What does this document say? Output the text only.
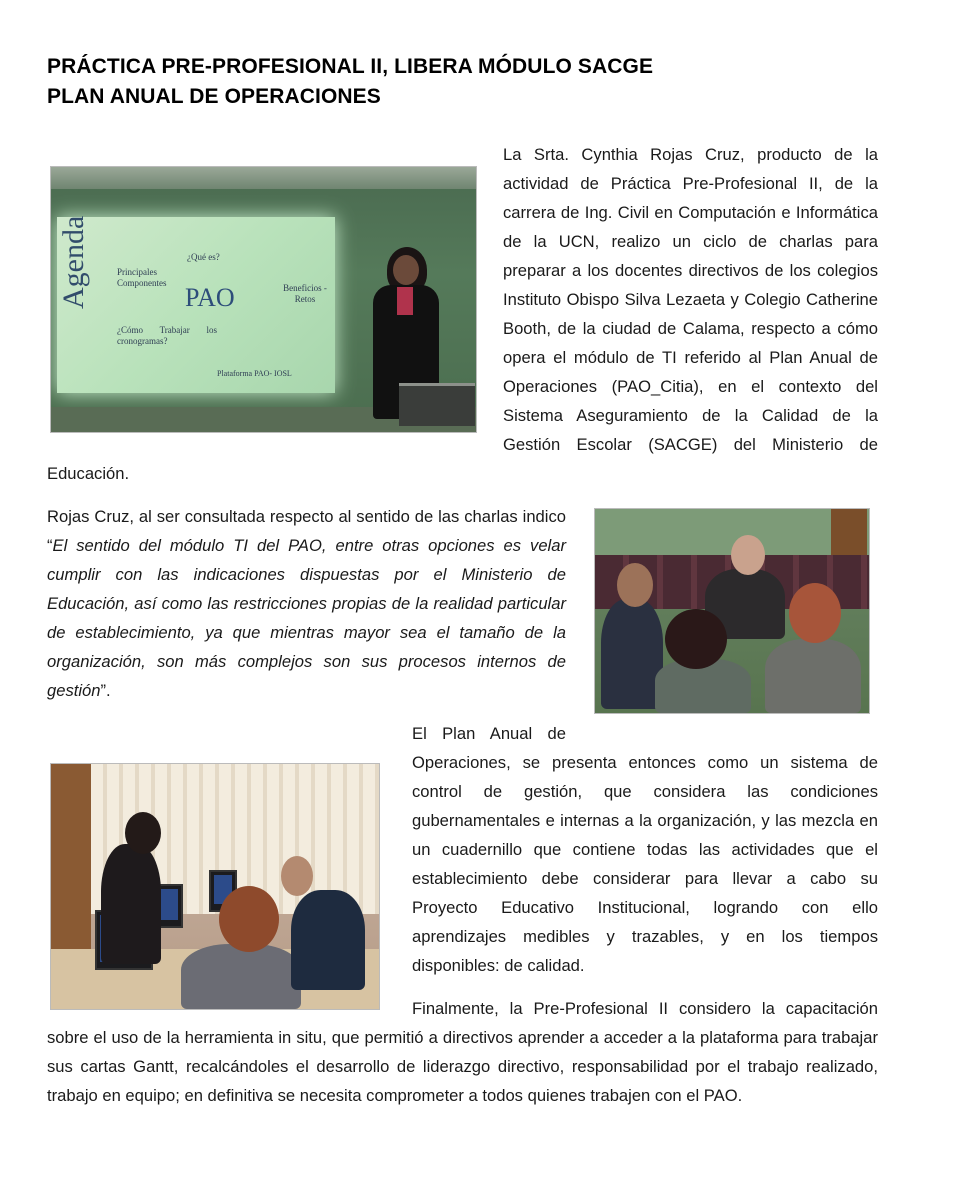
PRÁCTICA PRE-PROFESIONAL II, LIBERA MÓDULO SACGE

PLAN ANUAL DE OPERACIONES

Agenda	¿Qué es?
Principales Componentes PAO	Beneficios - Retos
¿Cómo Trabajar los cronogramas?
Plataforma PAO- IOSL

La Srta. Cynthia Rojas Cruz, producto de la actividad de Práctica Pre-Profesional II, de la carrera de Ing. Civil en Computación e Informática de la UCN, realizo un ciclo de charlas para preparar a los docentes directivos de los colegios Instituto Obispo Silva Lezaeta y Colegio Catherine Booth, de la ciudad de Calama, respecto a cómo opera el módulo de TI referido al Plan Anual de Operaciones (PAO_Citia), en el contexto del Sistema Aseguramiento de la Calidad de la Gestión Escolar (SACGE) del Ministerio de Educación.

Rojas Cruz, al ser consultada respecto al sentido de las charlas indico “El sentido del módulo TI del PAO, entre otras opciones es velar cumplir con las indicaciones dispuestas por el Ministerio de Educación, así como las restricciones propias de la realidad particular de establecimiento, ya que mientras mayor sea el tamaño de la organización, son más complejos son sus procesos internos de gestión”.

El Plan Anual de Operaciones, se presenta entonces como un sistema de control de gestión, que considera las condiciones gubernamentales e internas a la organización, y las mezcla en un cuadernillo que contiene todas las actividades que el establecimiento debe considerar para llevar a cabo su Proyecto Educativo Institucional, logrando con ello aprendizajes medibles y trazables, y en los tiempos disponibles: de calidad.

Finalmente, la Pre-Profesional II considero la capacitación sobre el uso de la herramienta in situ, que permitió a directivos aprender a acceder a la plataforma para trabajar sus cartas Gantt, recalcándoles el desarrollo de liderazgo directivo, responsabilidad por el trabajo realizado, trabajo en equipo; en definitiva se necesita comprometer a todos quienes trabajen con el PAO.
